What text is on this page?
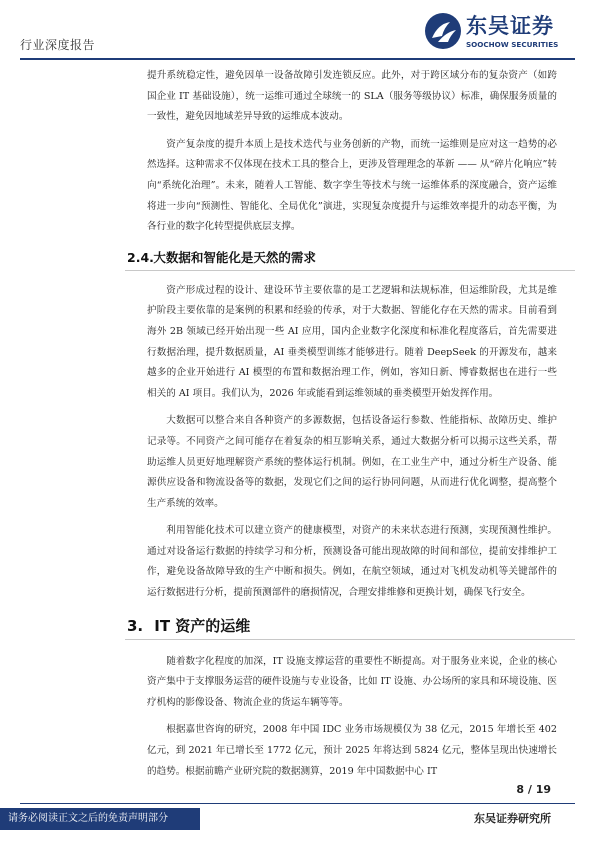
行业深度报告
东吴证券
SOOCHOW SECURITIES

提升系统稳定性，避免因单一设备故障引发连锁反应。此外，对于跨区域分布的复杂资产（如跨国企业 IT 基础设施），统一运维可通过全球统一的 SLA（服务等级协议）标准，确保服务质量的一致性，避免因地域差异导致的运维成本波动。

资产复杂度的提升本质上是技术迭代与业务创新的产物，而统一运维则是应对这一趋势的必然选择。这种需求不仅体现在技术工具的整合上，更涉及管理理念的革新 —— 从“碎片化响应”转向“系统化治理”。未来，随着人工智能、数字孪生等技术与统一运维体系的深度融合，资产运维将进一步向“预测性、智能化、全局优化”演进，实现复杂度提升与运维效率提升的动态平衡，为各行业的数字化转型提供底层支撑。

2.4. 大数据和智能化是天然的需求

资产形成过程的设计、建设环节主要依靠的是工艺逻辑和法规标准，但运维阶段，尤其是维护阶段主要依靠的是案例的积累和经验的传承，对于大数据、智能化存在天然的需求。目前看到海外 2B 领域已经开始出现一些 AI 应用，国内企业数字化深度和标准化程度落后，首先需要进行数据治理，提升数据质量，AI 垂类模型训练才能够进行。随着 DeepSeek 的开源发布，越来越多的企业开始进行 AI 模型的布置和数据治理工作，例如，容知日新、博睿数据也在进行一些相关的 AI 项目。我们认为，2026 年或能看到运维领域的垂类模型开始发挥作用。

大数据可以整合来自各种资产的多源数据，包括设备运行参数、性能指标、故障历史、维护记录等。不同资产之间可能存在着复杂的相互影响关系，通过大数据分析可以揭示这些关系，帮助运维人员更好地理解资产系统的整体运行机制。例如，在工业生产中，通过分析生产设备、能源供应设备和物流设备等的数据，发现它们之间的运行协同问题，从而进行优化调整，提高整个生产系统的效率。

利用智能化技术可以建立资产的健康模型，对资产的未来状态进行预测，实现预测性维护。通过对设备运行数据的持续学习和分析，预测设备可能出现故障的时间和部位，提前安排维护工作，避免设备故障导致的生产中断和损失。例如，在航空领域，通过对飞机发动机等关键部件的运行数据进行分析，提前预测部件的磨损情况，合理安排维修和更换计划，确保飞行安全。

3. IT 资产的运维

随着数字化程度的加深，IT 设施支撑运营的重要性不断提高。对于服务业来说，企业的核心资产集中于支撑服务运营的硬件设施与专业设备，比如 IT 设施、办公场所的家具和环境设施、医疗机构的影像设备、物流企业的货运车辆等等。

根据嘉世咨询的研究，2008 年中国 IDC 业务市场规模仅为 38 亿元，2015 年增长至 402 亿元，到 2021 年已增长至 1772 亿元，预计 2025 年将达到 5824 亿元，整体呈现出快速增长的趋势。根据前瞻产业研究院的数据测算，2019 年中国数据中心 IT

8 / 19
请务必阅读正文之后的免责声明部分	东吴证券研究所
